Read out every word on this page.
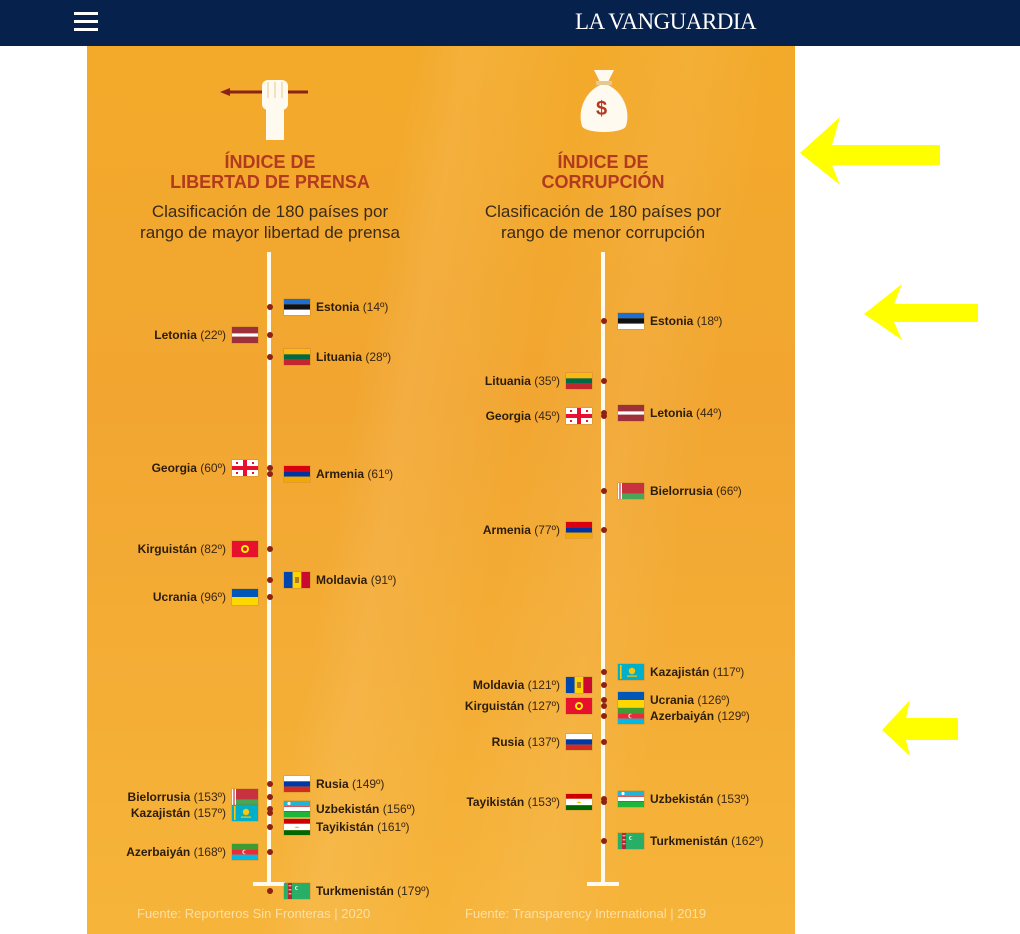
LA VANGUARDIA
$
ÍNDICE DE
LIBERTAD DE PRENSA
ÍNDICE DE
CORRUPCIÓN
Clasificación de 180 países por
rango de mayor libertad de prensa
Clasificación de 180 países por
rango de menor corrupción
Estonia (14º)
Letonia (22º)
Lituania (28º)
Georgia (60º)	Armenia (61º)
Kirguistán (82º)
Moldavia (91º)
Ucrania (96º)
Rusia (149º)
Bielorrusia (153º)
Uzbekistán (156º)
Kazajistán (157º)
Tayikistán (161º)
Azerbaiyán (168º)
Turkmenistán (179º)
Estonia (18º)
Lituania (35º)
Georgia (45º)	Letonia (44º)
Bielorrusia (66º)
Armenia (77º)
Kazajistán (117º)
Moldavia (121º)
Ucrania (126º)
Kirguistán (127º)
Azerbaiyán (129º)
Rusia (137º)
Tayikistán (153º)	Uzbekistán (153º)
Turkmenistán (162º)
Fuente: Reporteros Sin Fronteras | 2020	Fuente: Transparency International | 2019
